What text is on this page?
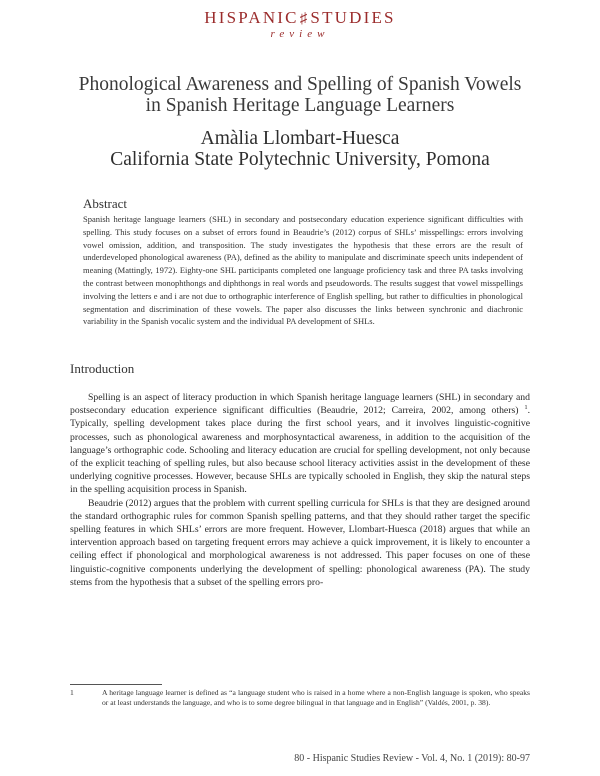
HISPANIC♯STUDIES
review
Phonological Awareness and Spelling of Spanish Vowels
in Spanish Heritage Language Learners
Amàlia Llombart-Huesca
California State Polytechnic University, Pomona
Abstract
Spanish heritage language learners (SHL) in secondary and postsecondary education experience significant difficulties with spelling. This study focuses on a subset of errors found in Beaudrie’s (2012) corpus of SHLs’ misspellings: errors involving vowel omission, addition, and transposition. The study investigates the hypothesis that these errors are the result of underdeveloped phonological awareness (PA), defined as the ability to manipulate and discriminate speech units independent of meaning (Mattingly, 1972). Eighty-one SHL participants completed one language proficiency task and three PA tasks involving the contrast between monophthongs and diphthongs in real words and pseudowords. The results suggest that vowel misspellings involving the letters e and i are not due to orthographic interference of English spelling, but rather to difficulties in phonological segmentation and discrimination of these vowels. The paper also discusses the links between synchronic and diachronic variability in the Spanish vocalic system and the individual PA development of SHLs.
Introduction

Spelling is an aspect of literacy production in which Spanish heritage language learners (SHL) in secondary and postsecondary education experience significant difficulties (Beaudrie, 2012; Carreira, 2002, among others) $^1$. Typically, spelling development takes place during the first school years, and it involves linguistic-cognitive processes, such as phonological awareness and morphosyntactical awareness, in addition to the acquisition of the language’s orthographic code. Schooling and literacy education are crucial for spelling development, not only because of the explicit teaching of spelling rules, but also because school literacy activities assist in the development of these underlying cognitive processes. However, because SHLs are typically schooled in English, they skip the natural steps in the spelling acquisition process in Spanish.

Beaudrie (2012) argues that the problem with current spelling curricula for SHLs is that they are designed around the standard orthographic rules for common Spanish spelling patterns, and that they should rather target the specific spelling features in which SHLs’ errors are more frequent. However, Llombart-Huesca (2018) argues that while an intervention approach based on targeting frequent errors may achieve a quick improvement, it is likely to encounter a ceiling effect if phonological and morphological awareness is not addressed. This paper focuses on one of these linguistic-cognitive components underlying the development of spelling: phonological awareness (PA). The study stems from the hypothesis that a subset of the spelling errors pro-

1	A heritage language learner is defined as “a language student who is raised in a home where a non-English language is spoken, who speaks or at least understands the language, and who is to some degree bilingual in that language and in English” (Valdés, 2001, p. 38).
80 - Hispanic Studies Review - Vol. 4, No. 1 (2019): 80-97
